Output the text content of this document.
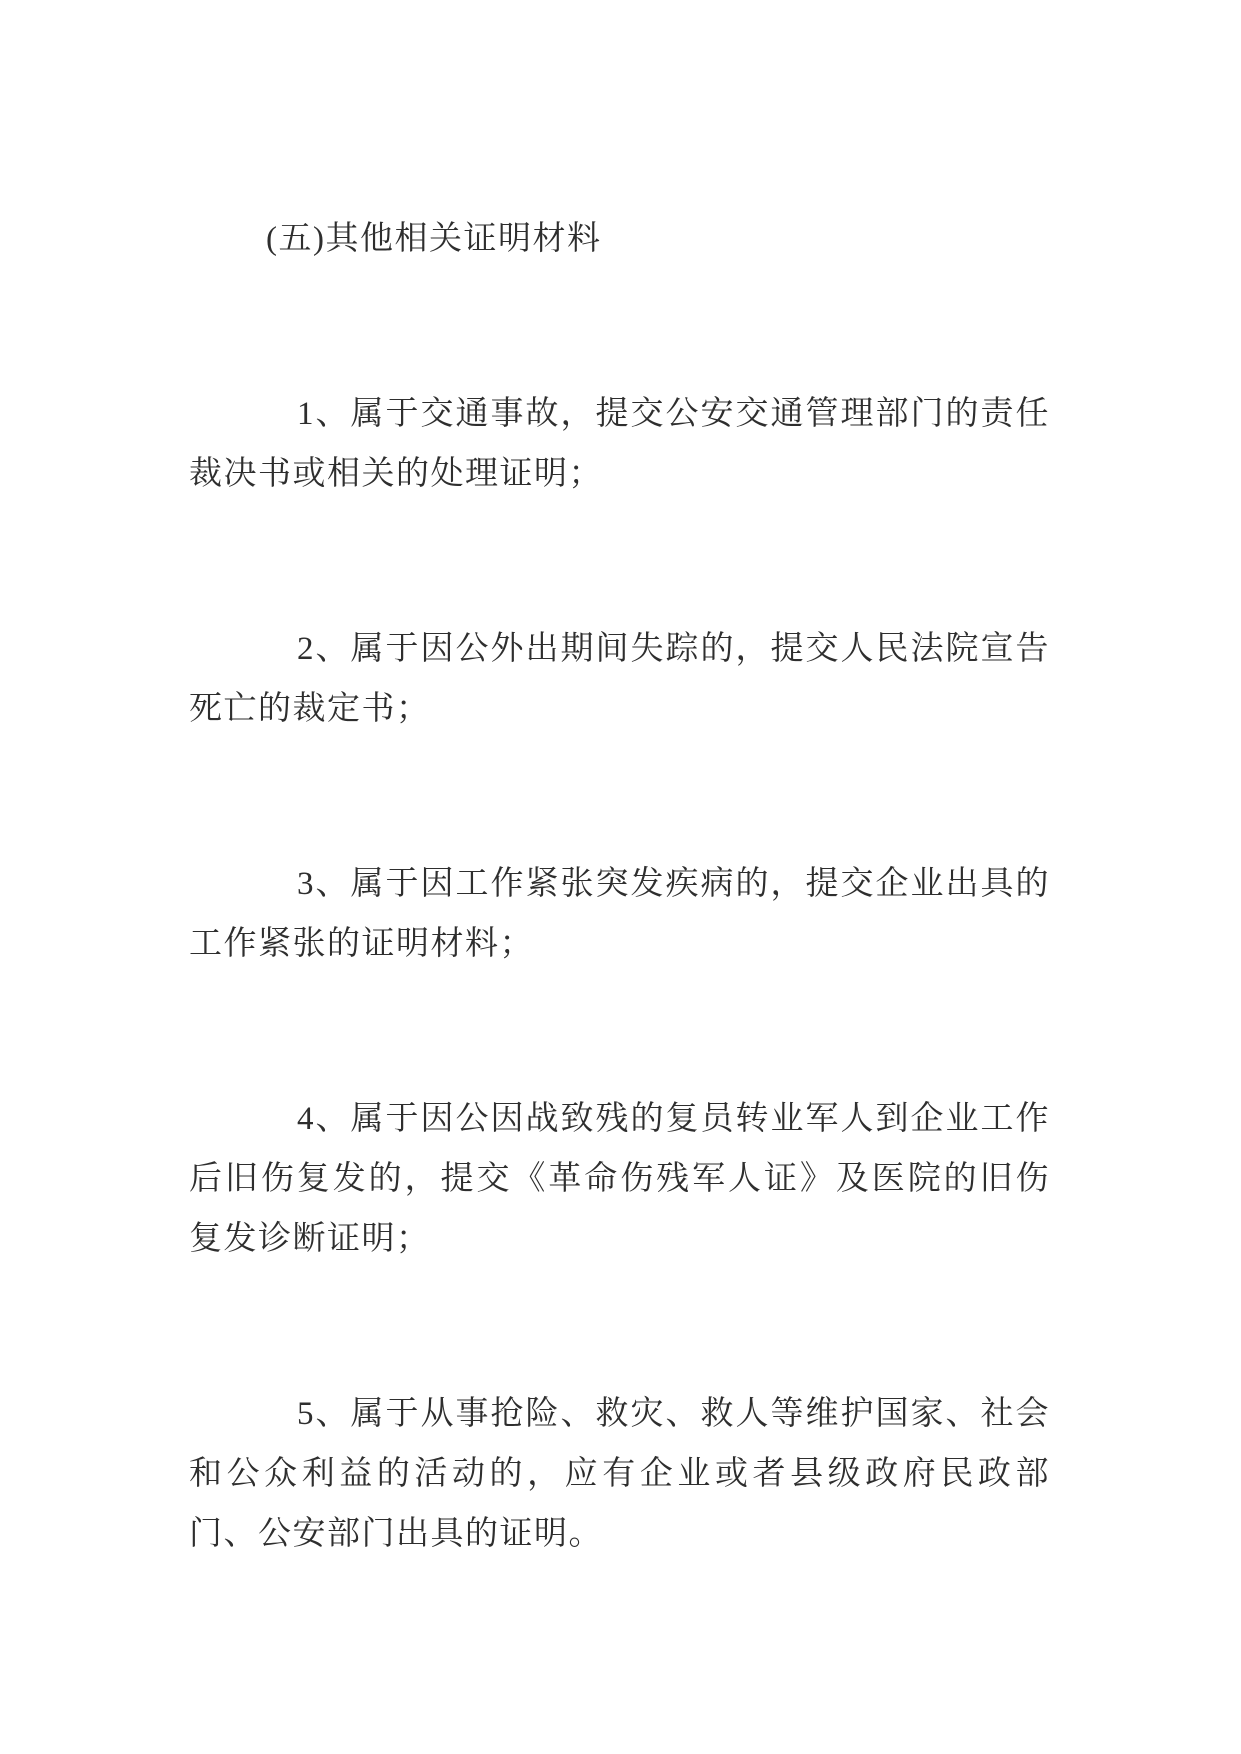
(五)其他相关证明材料

1、属于交通事故，提交公安交通管理部门的责任裁决书或相关的处理证明；

2、属于因公外出期间失踪的，提交人民法院宣告死亡的裁定书；

3、属于因工作紧张突发疾病的，提交企业出具的工作紧张的证明材料；

4、属于因公因战致残的复员转业军人到企业工作后旧伤复发的，提交《革命伤残军人证》及医院的旧伤复发诊断证明；

5、属于从事抢险、救灾、救人等维护国家、社会和公众利益的活动的，应有企业或者县级政府民政部门、公安部门出具的证明。
